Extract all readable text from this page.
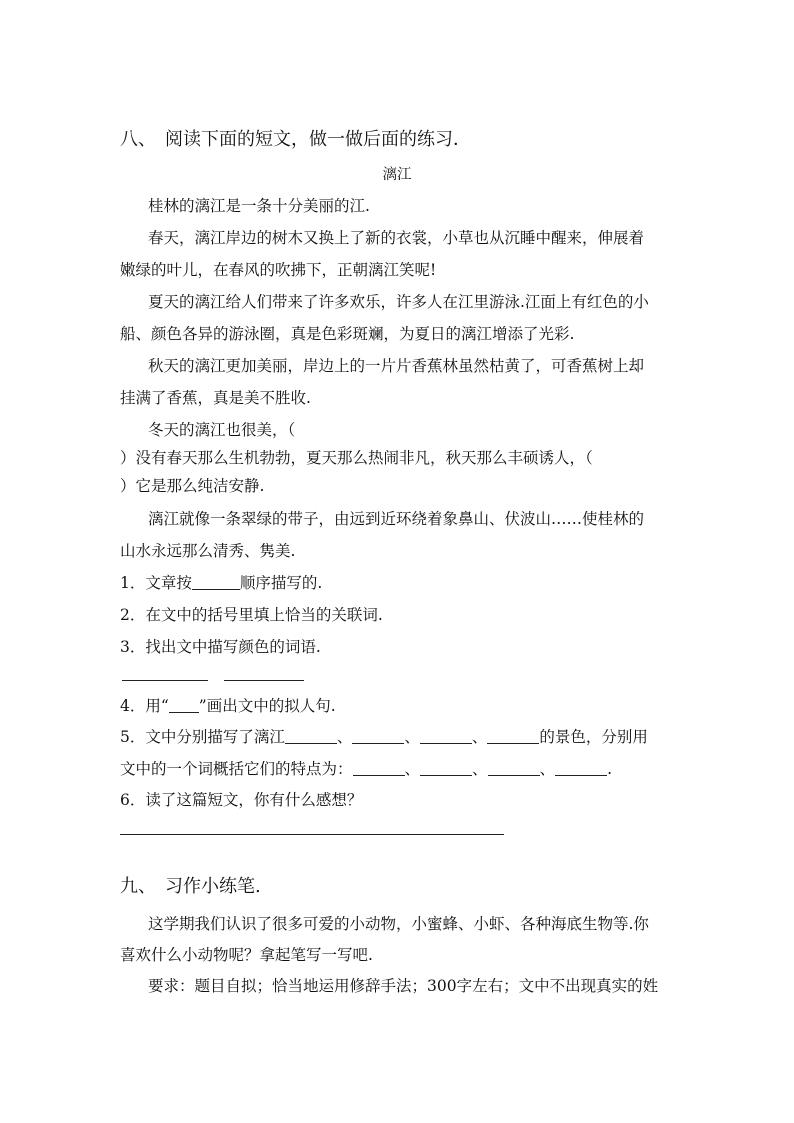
八、　阅读下面的短文，做一做后面的练习．
漓江
桂林的漓江是一条十分美丽的江.
春天，漓江岸边的树木又换上了新的衣裳，小草也从沉睡中醒来，伸展着
嫩绿的叶儿，在春风的吹拂下，正朝漓江笑呢!
夏天的漓江给人们带来了许多欢乐，许多人在江里游泳.江面上有红色的小
船、颜色各异的游泳圈，真是色彩斑斓，为夏日的漓江增添了光彩.
秋天的漓江更加美丽，岸边上的一片片香蕉林虽然枯黄了，可香蕉树上却
挂满了香蕉，真是美不胜收.
冬天的漓江也很美，（
）没有春天那么生机勃勃，夏天那么热闹非凡，秋天那么丰硕诱人，（
）它是那么纯洁安静.
漓江就像一条翠绿的带子，由远到近环绕着象鼻山、伏波山……使桂林的
山水永远那么清秀、隽美.
1．文章按	顺序描写的.
2．在文中的括号里填上恰当的关联词.
3．找出文中描写颜色的词语.
4．用“ ”画出文中的拟人句.
5．文中分别描写了漓江	、	、	、	的景色，分别用
文中的一个词概括它们的特点为：	、	、	、	.
6．读了这篇短文，你有什么感想？
九、　习作小练笔.
这学期我们认识了很多可爱的小动物，小蜜蜂、小虾、各种海底生物等.你
喜欢什么小动物呢？拿起笔写一写吧.
要求：题目自拟；恰当地运用修辞手法；300字左右；文中不出现真实的姓
